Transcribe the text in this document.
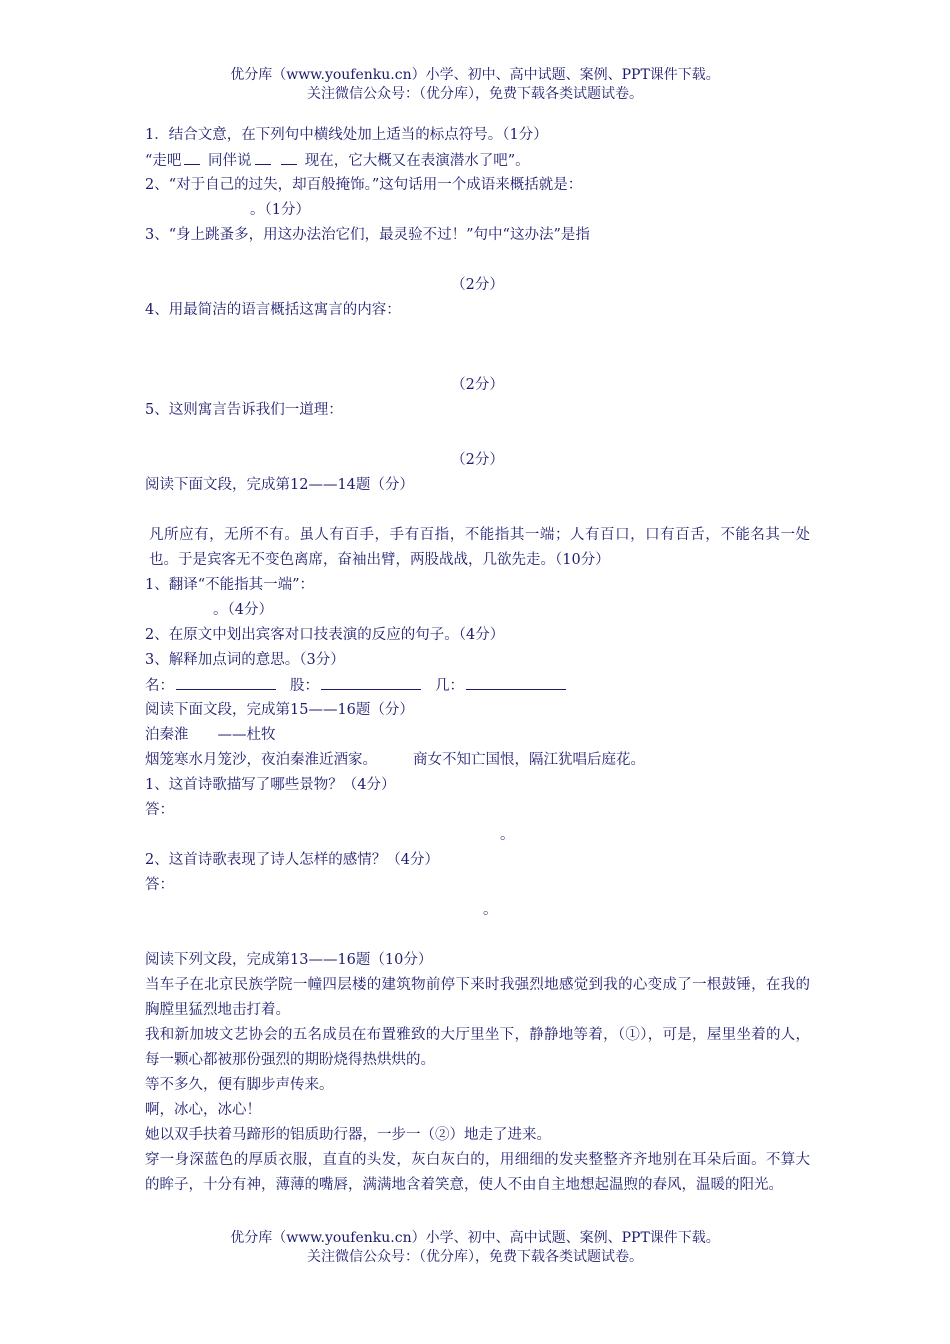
优分库（www.youfenku.cn）小学、初中、高中试题、案例、PPT课件下载。
关注微信公众号：（优分库），免费下载各类试题试卷。
1．结合文意，在下列句中横线处加上适当的标点符号。（1分）
“走吧 同伴说	现在，它大概又在表演潜水了吧”。
2、“对于自己的过失，却百般掩饰。”这句话用一个成语来概括就是：
。（1分）
3、“身上跳蚤多，用这办法治它们，最灵验不过！”句中“这办法”是指
（2分）
4、用最简洁的语言概括这寓言的内容：
（2分）
5、这则寓言告诉我们一道理：
（2分）
阅读下面文段，完成第12——14题（分）
凡所应有，无所不有。虽人有百手，手有百指，不能指其一端；人有百口，口有百舌，不能名其一处也。于是宾客无不变色离席，奋袖出臂，两股战战，几欲先走。（10分）
1、翻译“不能指其一端”：
。（4分）
2、在原文中划出宾客对口技表演的反应的句子。（4分）
3、解释加点词的意思。（3分）
名：	股：	几：
阅读下面文段，完成第15——16题（分）
泊秦淮　　——杜牧
烟笼寒水月笼沙，夜泊秦淮近酒家。 商女不知亡国恨，隔江犹唱后庭花。
1、这首诗歌描写了哪些景物？（4分）
答：
。
2、这首诗歌表现了诗人怎样的感情？（4分）
答：
。
阅读下列文段，完成第13——16题（10分）
当车子在北京民族学院一幢四层楼的建筑物前停下来时我强烈地感觉到我的心变成了一根鼓锤，在我的胸膛里猛烈地击打着。
我和新加坡文艺协会的五名成员在布置雅致的大厅里坐下，静静地等着，（①），可是，屋里坐着的人，每一颗心都被那份强烈的期盼烧得热烘烘的。
等不多久，便有脚步声传来。
啊，冰心，冰心！
她以双手扶着马蹄形的铝质助行器，一步一（②）地走了进来。
穿一身深蓝色的厚质衣服，直直的头发，灰白灰白的，用细细的发夹整整齐齐地别在耳朵后面。不算大的眸子，十分有神，薄薄的嘴唇，满满地含着笑意，使人不由自主地想起温煦的春风，温暖的阳光。
优分库（www.youfenku.cn）小学、初中、高中试题、案例、PPT课件下载。
关注微信公众号：（优分库），免费下载各类试题试卷。
